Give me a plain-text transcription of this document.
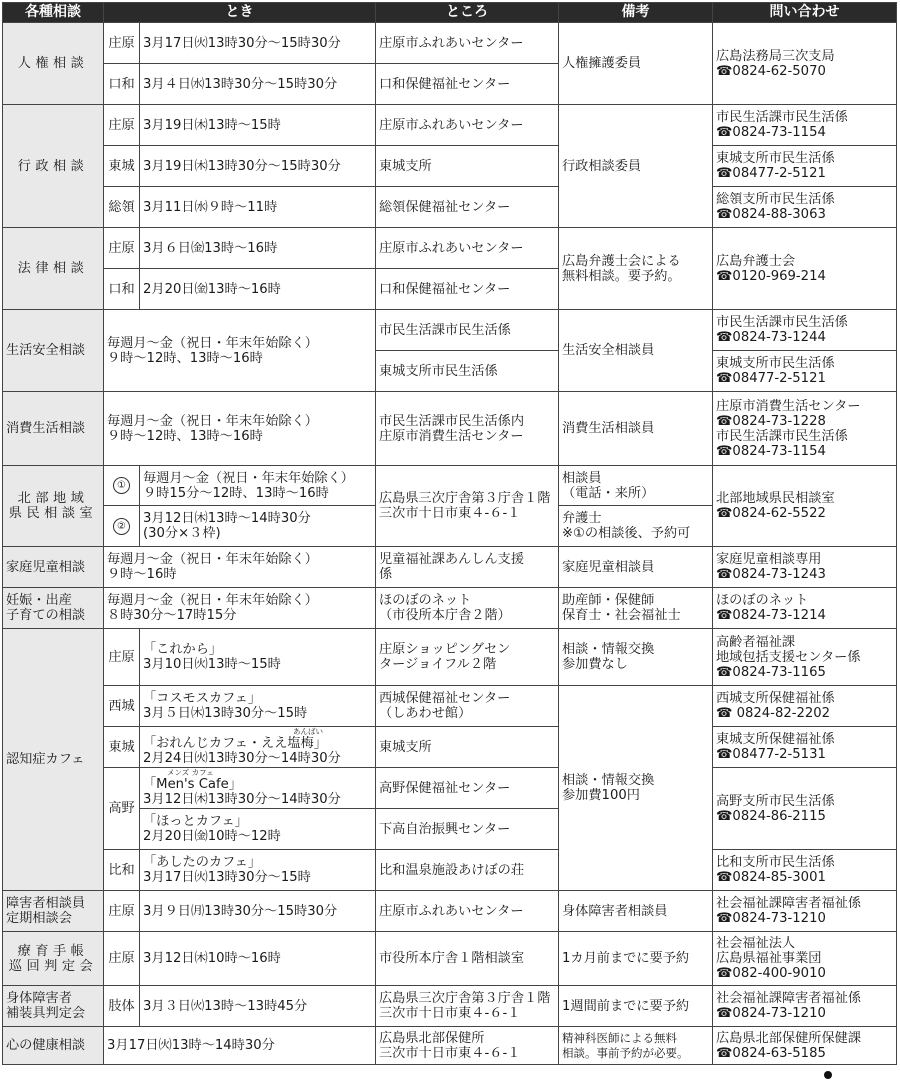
各種相談	とき		ところ	備考	問い合わせ
人権相談	庄原	3月17日㈫13時30分～15時30分	庄原市ふれあいセンター	人権擁護委員	広島法務局三次支局
☎0824-62-5070

	口和	3月４日㈬13時30分～15時30分	口和保健福祉センター		
行政相談	庄原	3月19日㈭13時～15時	庄原市ふれあいセンター	行政相談委員	市民生活課市民生活係
☎0824-73-1154

	東城	3月19日㈭13時30分～15時30分	東城支所		東城支所市民生活係
☎08477-2-5121

	総領	3月11日㈬９時～11時	総領保健福祉センター		総領支所市民生活係
☎0824-88-3063

法律相談	庄原	3月６日㈮13時～16時	庄原市ふれあいセンター	広島弁護士会による
無料相談。要予約。	広島弁護士会
☎0120-969-214

	口和	2月20日㈮13時～16時	口和保健福祉センター		
生活安全相談	毎週月～金（祝日・年末年始除く）
９時～12時、13時～16時		市民生活課市民生活係	生活安全相談員	市民生活課市民生活係
☎0824-73-1244

			東城支所市民生活係		東城支所市民生活係
☎08477-2-5121

消費生活相談	毎週月～金（祝日・年末年始除く）
９時～12時、13時～16時		市民生活課市民生活係内
庄原市消費生活センター	消費生活相談員	庄原市消費生活センター
☎0824-73-1228
市民生活課市民生活係
☎0824-73-1154

北部地域
県民相談室	①	毎週月～金（祝日・年末年始除く）
９時15分～12時、13時～16時	広島県三次庁舎第３庁舎１階
三次市十日市東４-６-１	相談員
（電話・来所）	北部地域県民相談室
☎0824-62-5522

	②	3月12日㈭13時～14時30分
(30分×３枠)		弁護士
※①の相談後、予約可	

家庭児童相談	毎週月～金（祝日・年末年始除く）
９時～16時		児童福祉課あんしん支援
係	家庭児童相談員	家庭児童相談専用
☎0824-73-1243

妊娠・出産
子育ての相談	毎週月～金（祝日・年末年始除く）
８時30分～17時15分		ほのぼのネット
（市役所本庁舎２階）	助産師・保健師
保育士・社会福祉士	ほのぼのネット
☎0824-73-1214

認知症カフェ	庄原	「これから」
3月10日㈫13時～15時	庄原ショッピングセン
タージョイフル２階	相談・情報交換
参加費なし	高齢者福祉課
地域包括支援センター係
☎0824-73-1165

	西城	「コスモスカフェ」
3月５日㈭13時30分～15時	西城保健福祉センター
（しあわせ館）	相談・情報交換
参加費100円	西城支所保健福祉係
☎ 0824-82-2202

	東城	あんばい
「おれんじカフェ・ええ塩梅」
2月24日㈫13時30分～14時30分	東城支所		東城支所保健福祉係
☎08477-2-5131

	高野	メンズ カフェ
「Men's Cafe」
3月12日㈭13時30分～14時30分	高野保健福祉センター		高野支所市民生活係
☎0824-86-2115

		「ほっとカフェ」
2月20日㈮10時～12時	下高自治振興センター		
	比和	「あしたのカフェ」
3月17日㈫13時30分～15時	比和温泉施設あけぼの荘		比和支所市民生活係
☎0824-85-3001

障害者相談員
定期相談会	庄原	3月９日㈪13時30分～15時30分	庄原市ふれあいセンター	身体障害者相談員	社会福祉課障害者福祉係
☎0824-73-1210

療育手帳
巡回判定会	庄原	3月12日㈭10時～16時	市役所本庁舎１階相談室	1カ月前までに要予約	社会福祉法人
広島県福祉事業団
☎082-400-9010

身体障害者
補装具判定会	肢体	3月３日㈫13時～13時45分	広島県三次庁舎第３庁舎１階
三次市十日市東４-６-１	1週間前までに要予約	社会福祉課障害者福祉係
☎0824-73-1210

心の健康相談	3月17日㈫13時～14時30分		広島県北部保健所
三次市十日市東４-６-１	精神科医師による無料
相談。事前予約が必要。	広島県北部保健所保健課
☎0824-63-5185
